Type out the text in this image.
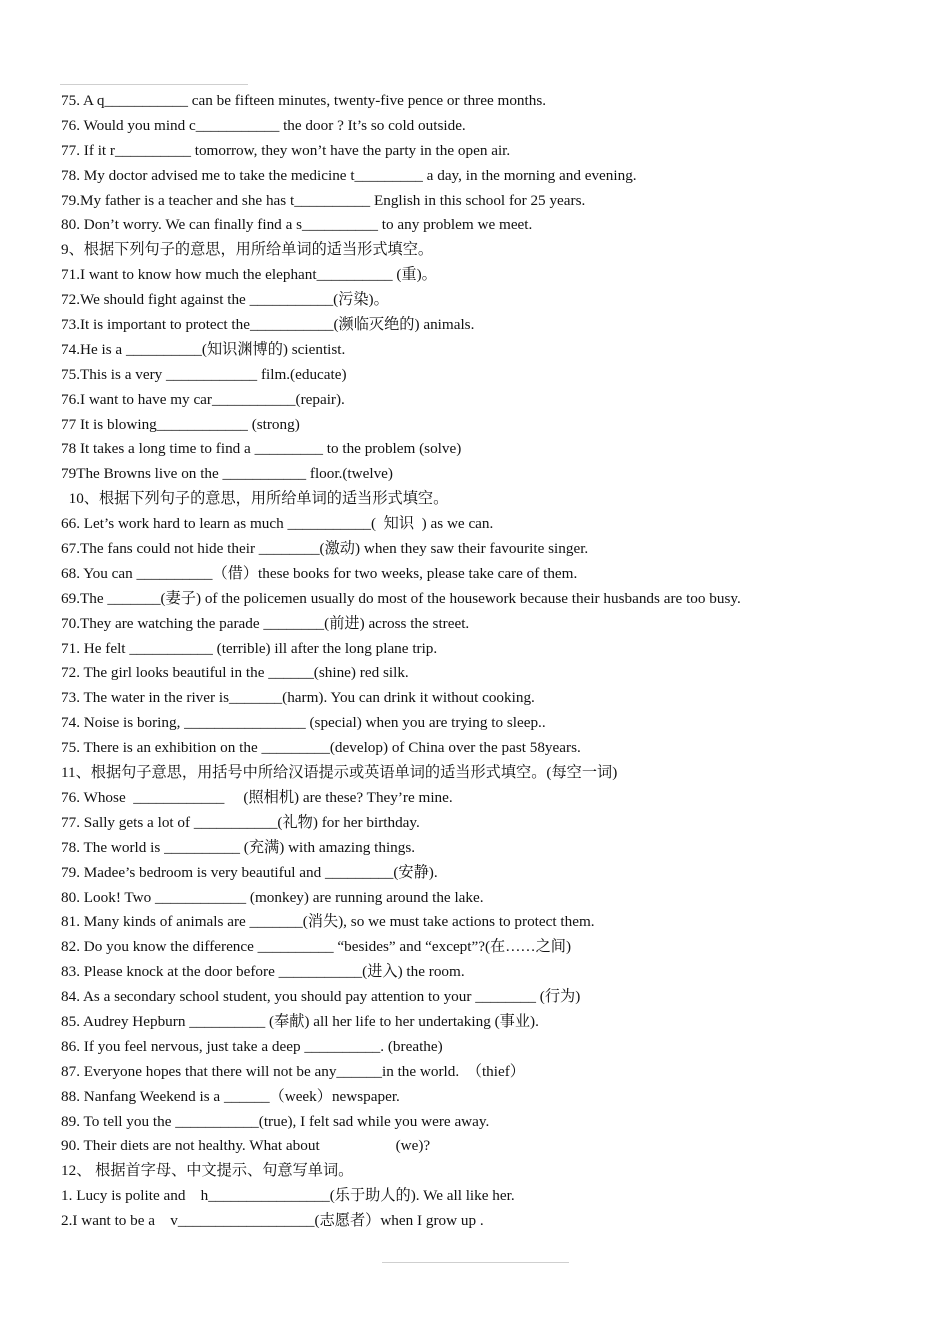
75. A q___________ can be fifteen minutes, twenty-five pence or three months.
76. Would you mind c___________ the door ? It’s so cold outside.
77. If it r__________ tomorrow, they won’t have the party in the open air.
78. My doctor advised me to take the medicine t_________ a day, in the morning and evening.
79.My father is a teacher and she has t__________ English in this school for 25 years.
80. Don’t worry. We can finally find a s__________ to any problem we meet.
9、根据下列句子的意思，用所给单词的适当形式填空。
71.I want to know how much the elephant__________ (重)。
72.We should fight against the ___________(污染)。
73.It is important to protect the___________(濒临灭绝的) animals.
74.He is a __________(知识渊博的) scientist.
75.This is a very ____________ film.(educate)
76.I want to have my car___________(repair).
77 It is blowing____________ (strong)
78 It takes a long time to find a _________ to the problem (solve)
79The Browns live on the ___________ floor.(twelve)
10、根据下列句子的意思，用所给单词的适当形式填空。
66. Let’s work hard to learn as much ___________(  知识  ) as we can.
67.The fans could not hide their ________(激动) when they saw their favourite singer.
68. You can __________（借）these books for two weeks, please take care of them.
69.The _______(妻子) of the policemen usually do most of the housework because their husbands are too busy.
70.They are watching the parade ________(前进) across the street.
71. He felt ___________ (terrible) ill after the long plane trip.
72. The girl looks beautiful in the ______(shine) red silk.
73. The water in the river is_______(harm). You can drink it without cooking.
74. Noise is boring, ________________ (special) when you are trying to sleep..
75. There is an exhibition on the _________(develop) of China over the past 58years.
11、根据句子意思，用括号中所给汉语提示或英语单词的适当形式填空。(每空一词)
76. Whose  ____________     (照相机) are these? They’re mine.
77. Sally gets a lot of ___________(礼物) for her birthday.
78. The world is __________ (充满) with amazing things.
79. Madee’s bedroom is very beautiful and _________(安静).
80. Look! Two ____________ (monkey) are running around the lake.
81. Many kinds of animals are _______(消失), so we must take actions to protect them.
82. Do you know the difference __________ “besides” and “except”?(在……之间)
83. Please knock at the door before ___________(进入) the room.
84. As a secondary school student, you should pay attention to your ________ (行为)
85. Audrey Hepburn __________ (奉献) all her life to her undertaking (事业).
86. If you feel nervous, just take a deep __________. (breathe)
87. Everyone hopes that there will not be any______in the world.  （thief）
88. Nanfang Weekend is a ______（week）newspaper.
89. To tell you the ___________(true), I felt sad while you were away.
90. Their diets are not healthy. What about                    (we)?
12、 根据首字母、中文提示、句意写单词。
1. Lucy is polite and    h________________(乐于助人的). We all like her.
2.I want to be a    v__________________(志愿者）when I grow up .
